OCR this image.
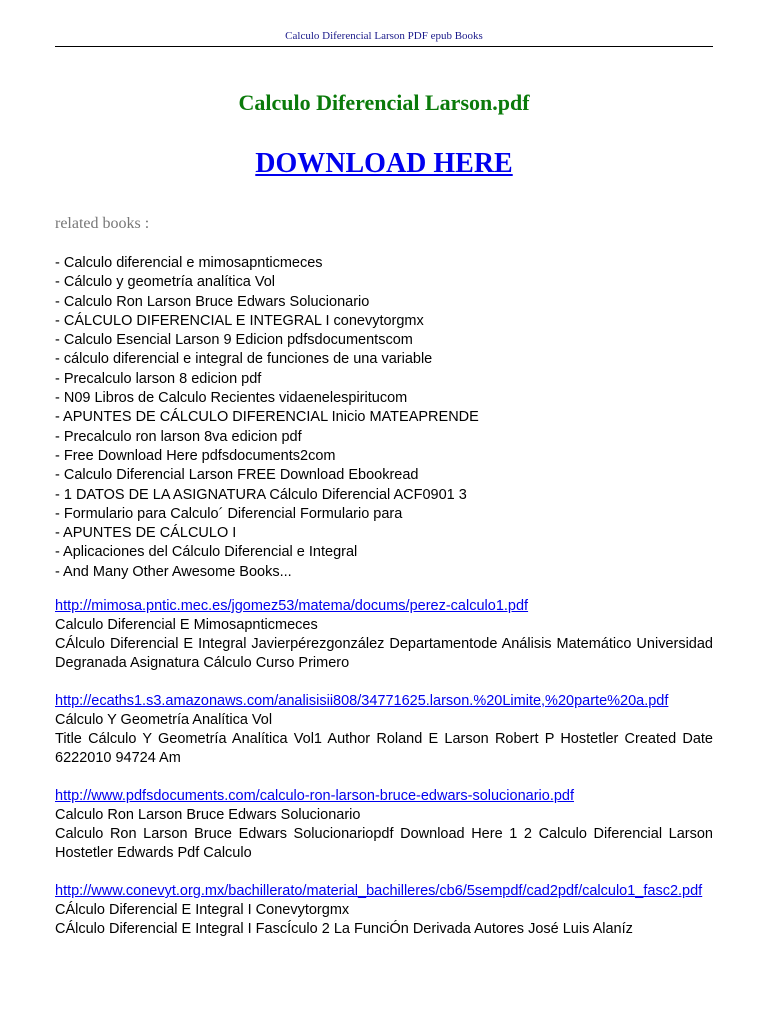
Calculo Diferencial Larson PDF epub Books
Calculo Diferencial Larson.pdf
DOWNLOAD HERE
related books :
- Calculo diferencial e mimosapnticmeces
- Cálculo y geometría analítica Vol
- Calculo Ron Larson Bruce Edwars Solucionario
- CÁLCULO DIFERENCIAL E INTEGRAL I conevytorgmx
- Calculo Esencial Larson 9 Edicion pdfsdocumentscom
- cálculo diferencial e integral de funciones de una variable
- Precalculo larson 8 edicion pdf
- N09 Libros de Calculo Recientes vidaenelespiritucom
- APUNTES DE CÁLCULO DIFERENCIAL Inicio MATEAPRENDE
- Precalculo ron larson 8va edicion pdf
- Free Download Here pdfsdocuments2com
- Calculo Diferencial Larson FREE Download Ebookread
- 1 DATOS DE LA ASIGNATURA Cálculo Diferencial ACF0901 3
- Formulario para Calculo´ Diferencial Formulario para
- APUNTES DE CÁLCULO I
- Aplicaciones del Cálculo Diferencial e Integral
- And Many Other Awesome Books...
http://mimosa.pntic.mec.es/jgomez53/matema/docums/perez-calculo1.pdf
Calculo Diferencial E Mimosapnticmeces
CÁlculo Diferencial E Integral Javierpérezgonzález Departamentode Análisis Matemático Universidad Degranada Asignatura Cálculo Curso Primero
http://ecaths1.s3.amazonaws.com/analisisii808/34771625.larson.%20Limite,%20parte%20a.pdf
Cálculo Y Geometría Analítica Vol
Title Cálculo Y Geometría Analítica Vol1 Author Roland E Larson Robert P Hostetler Created Date 6222010 94724 Am
http://www.pdfsdocuments.com/calculo-ron-larson-bruce-edwars-solucionario.pdf
Calculo Ron Larson Bruce Edwars Solucionario
Calculo Ron Larson Bruce Edwars Solucionariopdf Download Here 1 2 Calculo Diferencial Larson Hostetler Edwards Pdf Calculo
http://www.conevyt.org.mx/bachillerato/material_bachilleres/cb6/5sempdf/cad2pdf/calculo1_fasc2.pdf
CÁlculo Diferencial E Integral I Conevytorgmx
CÁlculo Diferencial E Integral I FascÍculo 2 La FunciÓn Derivada Autores José Luis Alaníz
